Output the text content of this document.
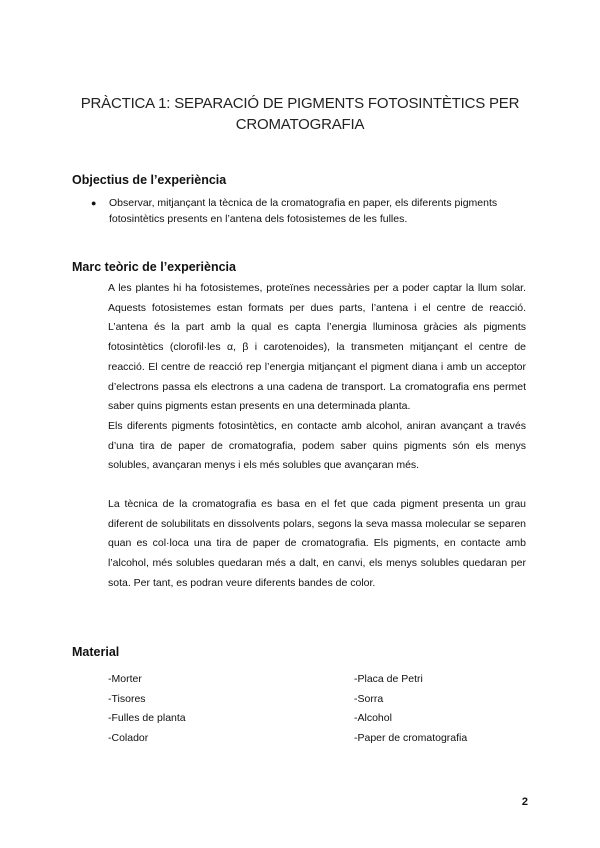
PRÀCTICA 1: SEPARACIÓ DE PIGMENTS FOTOSINTÈTICS PER
CROMATOGRAFIA
Objectius de l’experiència
● Observar, mitjançant la tècnica de la cromatografia en paper, els diferents pigments fotosintètics presents en l’antena dels fotosistemes de les fulles.
Marc teòric de l’experiència

A les plantes hi ha fotosistemes, proteïnes necessàries per a poder captar la llum solar. Aquests fotosistemes estan formats per dues parts, l’antena i el centre de reacció. L’antena és la part amb la qual es capta l’energia lluminosa gràcies als pigments fotosintètics (clorofil·les α, β i carotenoides), la transmeten mitjançant el centre de reacció. El centre de reacció rep l’energia mitjançant el pigment diana i amb un acceptor d’electrons passa els electrons a una cadena de transport. La cromatografia ens permet saber quins pigments estan presents en una determinada planta.

Els diferents pigments fotosintètics, en contacte amb alcohol, aniran avançant a través d’una tira de paper de cromatografia, podem saber quins pigments són els menys solubles, avançaran menys i els més solubles que avançaran més.

La tècnica de la cromatografia es basa en el fet que cada pigment presenta un grau diferent de solubilitats en dissolvents polars, segons la seva massa molecular se separen quan es col·loca una tira de paper de cromatografia. Els pigments, en contacte amb l’alcohol, més solubles quedaran més a dalt, en canvi, els menys solubles quedaran per sota. Per tant, es podran veure diferents bandes de color.

Material
-Morter	-Placa de Petri
-Tisores	-Sorra
-Fulles de planta	-Alcohol
-Colador	-Paper de cromatografia
2
